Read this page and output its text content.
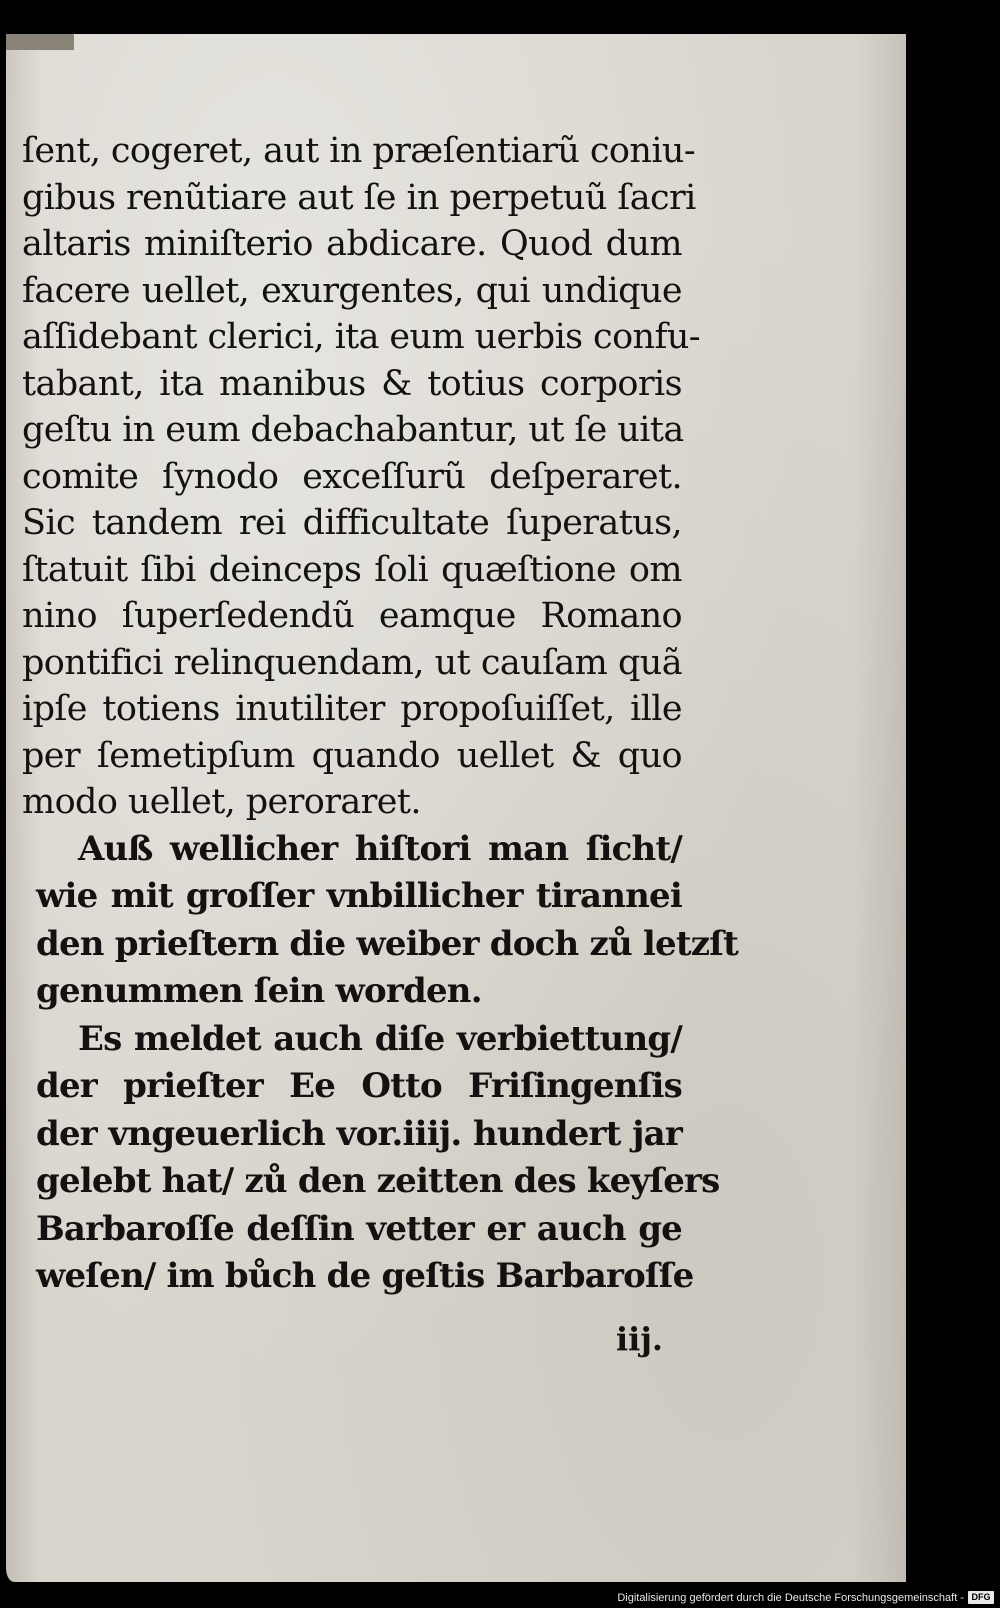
ſent, cogeret, aut in præſentiarũ coniu-
gibus renũtiare aut ſe in perpetuũ ſacri
altaris miniſterio abdicare. Quod dum
facere uellet, exurgentes, qui undique
aſſidebant clerici, ita eum uerbis confu-
tabant, ita manibus & totius corporis
geſtu in eum debachabantur, ut ſe uita
comite ſynodo exceſſurũ deſperaret.
Sic tandem rei difficultate ſuperatus,
ſtatuit ſibi deinceps ſoli quæſtione om
nino ſuperſedendũ eamque Romano
pontifici relinquendam, ut cauſam quã
ipſe totiens inutiliter propoſuiſſet, ille
per ſemetipſum quando uellet & quo
modo uellet, peroraret.
Auß wellicher hiſtori man ſicht/
wie mit groſſer vnbillicher tirannei
den prieſtern die weiber doch zů letzſt
genummen ſein worden.
Es meldet auch diſe verbiettung/
der prieſter Ee Otto Friſingenſis
der vngeuerlich vor.iiij. hundert jar
gelebt hat/ zů den zeitten des keyſers
Barbaroſſe deſſin vetter er auch ge
weſen/ im bůch de geſtis Barbaroſſe
iij.
Digitalisierung gefördert durch die Deutsche Forschungsgemeinschaft - DFG
